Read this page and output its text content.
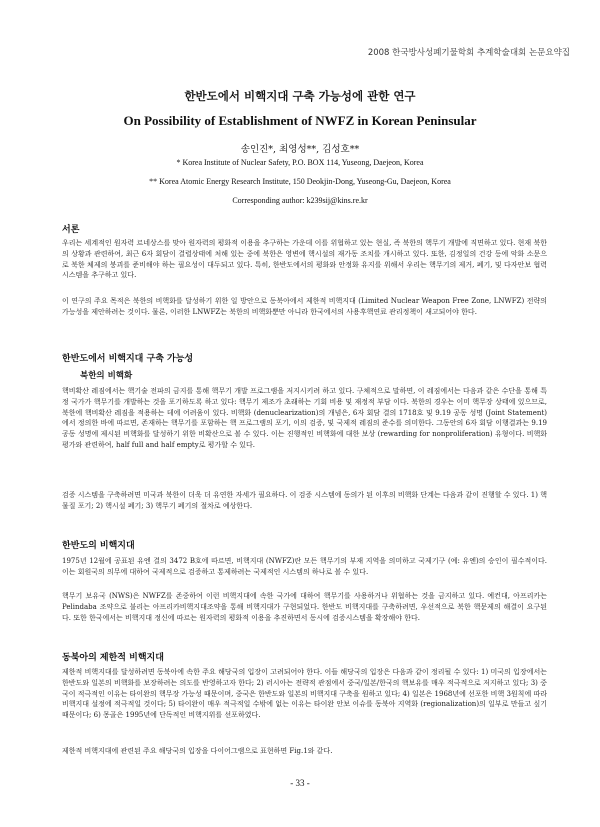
2008 한국방사성폐기물학회 추계학술대회 논문요약집
한반도에서 비핵지대 구축 가능성에 관한 연구
On Possibility of Establishment of NWFZ in Korean Peninsular
송인진*, 최영성**, 김성호**
* Korea Institute of Nuclear Safety, P.O. BOX 114, Yuseong, Daejeon, Korea
** Korea Atomic Energy Research Institute, 150 Deokjin-Dong, Yuseong-Gu, Daejeon, Korea
Corresponding author: k239sij@kins.re.kr
서론

우리는 세계적인 원자력 르네상스를 맞아 원자력의 평화적 이용을 추구하는 가운데 이를 위협하고 있는 현실, 즉 북한의 핵무기 개발에 직면하고 있다. 현재 북한의 상황과 관련하여, 최근 6자 회담이 결렬상태에 처해 있는 중에 북한은 영변에 핵시설의 재가동 조치를 개시하고 있다. 또한, 김정일의 건강 등에 악화 소문으로 북한 체제의 붕괴를 준비해야 하는 필요성이 대두되고 있다. 특히, 한반도에서의 평화와 안정화 유지를 위해서 우리는 핵무기의 제거, 폐기, 및 다자안보 협력 시스템을 추구하고 있다.

이 연구의 주요 목적은 북한의 비핵화를 달성하기 위한 일 방안으로 동북아에서 제한적 비핵지대 (Limited Nuclear Weapon Free Zone, LNWFZ) 전략의 가능성을 제안하려는 것이다. 물론, 이러한 LNWFZ는 북한의 비핵화뿐만 아니라 한국에서의 사용후핵연료 관리정책이 새고되어야 한다.

한반도에서 비핵지대 구축 가능성
북한의 비핵화

핵비확산 레짐에서는 핵기술 전파의 금지를 통해 핵무기 개발 프로그램을 저지시키려 하고 있다. 구체적으로 말하면, 이 레짐에서는 다음과 같은 수단을 통해 특정 국가가 핵무기를 개발하는 것을 포기하도록 하고 있다: 핵무기 제조가 초래하는 기회 비용 및 재정적 부담 이다. 북한의 경우는 이미 핵무장 상태에 있으므로, 북한에 핵비확산 레짐을 적용하는 데에 어려움이 있다. 비핵화 (denuclearization)의 개념은, 6자 회담 결의 1718호 및 9.19 공동 성명 (Joint Statement)에서 정의한 바에 따르면, 존재하는 핵무기를 포함하는 핵 프로그램의 포기, 이의 검증, 및 국제적 레짐의 준수를 의미한다. 그동안의 6자 회담 이행결과는 9.19 공동 성명에 제시된 비핵화를 달성하기 위한 비확산으로 볼 수 있다. 이는 진행적인 비핵화에 대한 보상 (rewarding for nonproliferation) 유형이다. 비핵화 평가와 관련하여, half full and half empty로 평가할 수 있다.

검증 시스템을 구축하려면 미국과 북한이 더욱 더 유연한 자세가 필요하다. 이 검증 시스템에 동의가 된 이후의 비핵화 단계는 다음과 같이 진행할 수 있다. 1) 핵 물질 포기; 2) 핵시설 폐기; 3) 핵무기 폐기의 절차로 예상한다.

한반도의 비핵지대

1975년 12월에 공표된 유엔 결의 3472 B호에 따르면, 비핵지대 (NWFZ)란 모든 핵무기의 부재 지역을 의미하고 국제기구 (예: 유엔)의 승인이 필수적이다. 이는 회원국의 의무에 대하여 국제적으로 검증하고 통제하려는 국제적인 시스템의 하나로 볼 수 있다.

핵무기 보유국 (NWS)은 NWFZ를 존중하여 이런 비핵지대에 속한 국가에 대하여 핵무기를 사용하거나 위협하는 것을 금지하고 있다. 예컨대, 아프리카는 Pelindaba 조약으로 불리는 아프리카비핵지대조약을 통해 비핵지대가 구현되었다. 한반도 비핵지대를 구축하려면, 우선적으로 북한 핵문제의 해결이 요구된다. 또한 한국에서는 비핵지대 정신에 따르는 원자력의 평화적 이용을 추진하면서 동시에 검증시스템을 확장해야 한다.

동북아의 제한적 비핵지대

제한적 비핵지대를 달성하려면 동북아에 속한 주요 해당국의 입장이 고려되어야 한다. 이들 해당국의 입장은 다음과 같이 정리될 수 있다: 1) 미국의 입장에서는 한반도와 일본의 비핵화를 보장하려는 의도를 반영하고자 한다; 2) 러시아는 전략적 관점에서 중국/일본/한국의 핵보유를 매우 적극적으로 저지하고 있다; 3) 중국이 적극적인 이유는 타이완의 핵무장 가능성 때문이며, 중국은 한반도와 일본의 비핵지대 구축을 원하고 있다; 4) 일본은 1968년에 선포한 비핵 3원칙에 따라 비핵지대 설정에 적극적일 것이다; 5) 타이완이 매우 적극적일 수밖에 없는 이유는 타이완 안보 이슈를 동북아 지역화 (regionalization)의 일부로 만들고 싶기 때문이다; 6) 몽골은 1995년에 단독적인 비핵지위를 선포하였다.

제한적 비핵지대에 관련된 주요 해당국의 입장을 다이어그램으로 표현하면 Fig.1와 같다.

- 33 -
